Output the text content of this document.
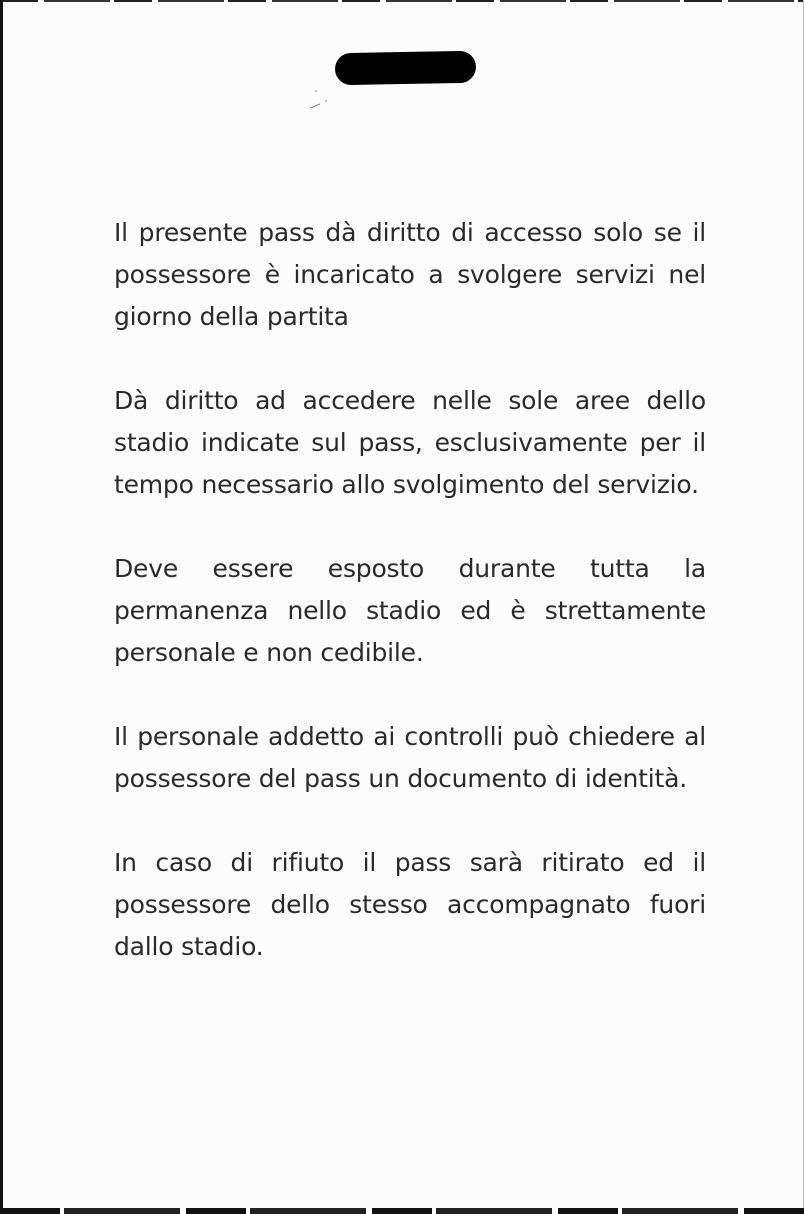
Il presente pass dà diritto di accesso solo se il possessore è incaricato a svolgere servizi nel giorno della partita

Dà diritto ad accedere nelle sole aree dello stadio indicate sul pass, esclusivamente per il tempo necessario allo svolgimento del servizio.

Deve essere esposto durante tutta la permanenza nello stadio ed è strettamente personale e non cedibile.

Il personale addetto ai controlli può chiedere al possessore del pass un documento di identità.

In caso di rifiuto il pass sarà ritirato ed il possessore dello stesso accompagnato fuori dallo stadio.
